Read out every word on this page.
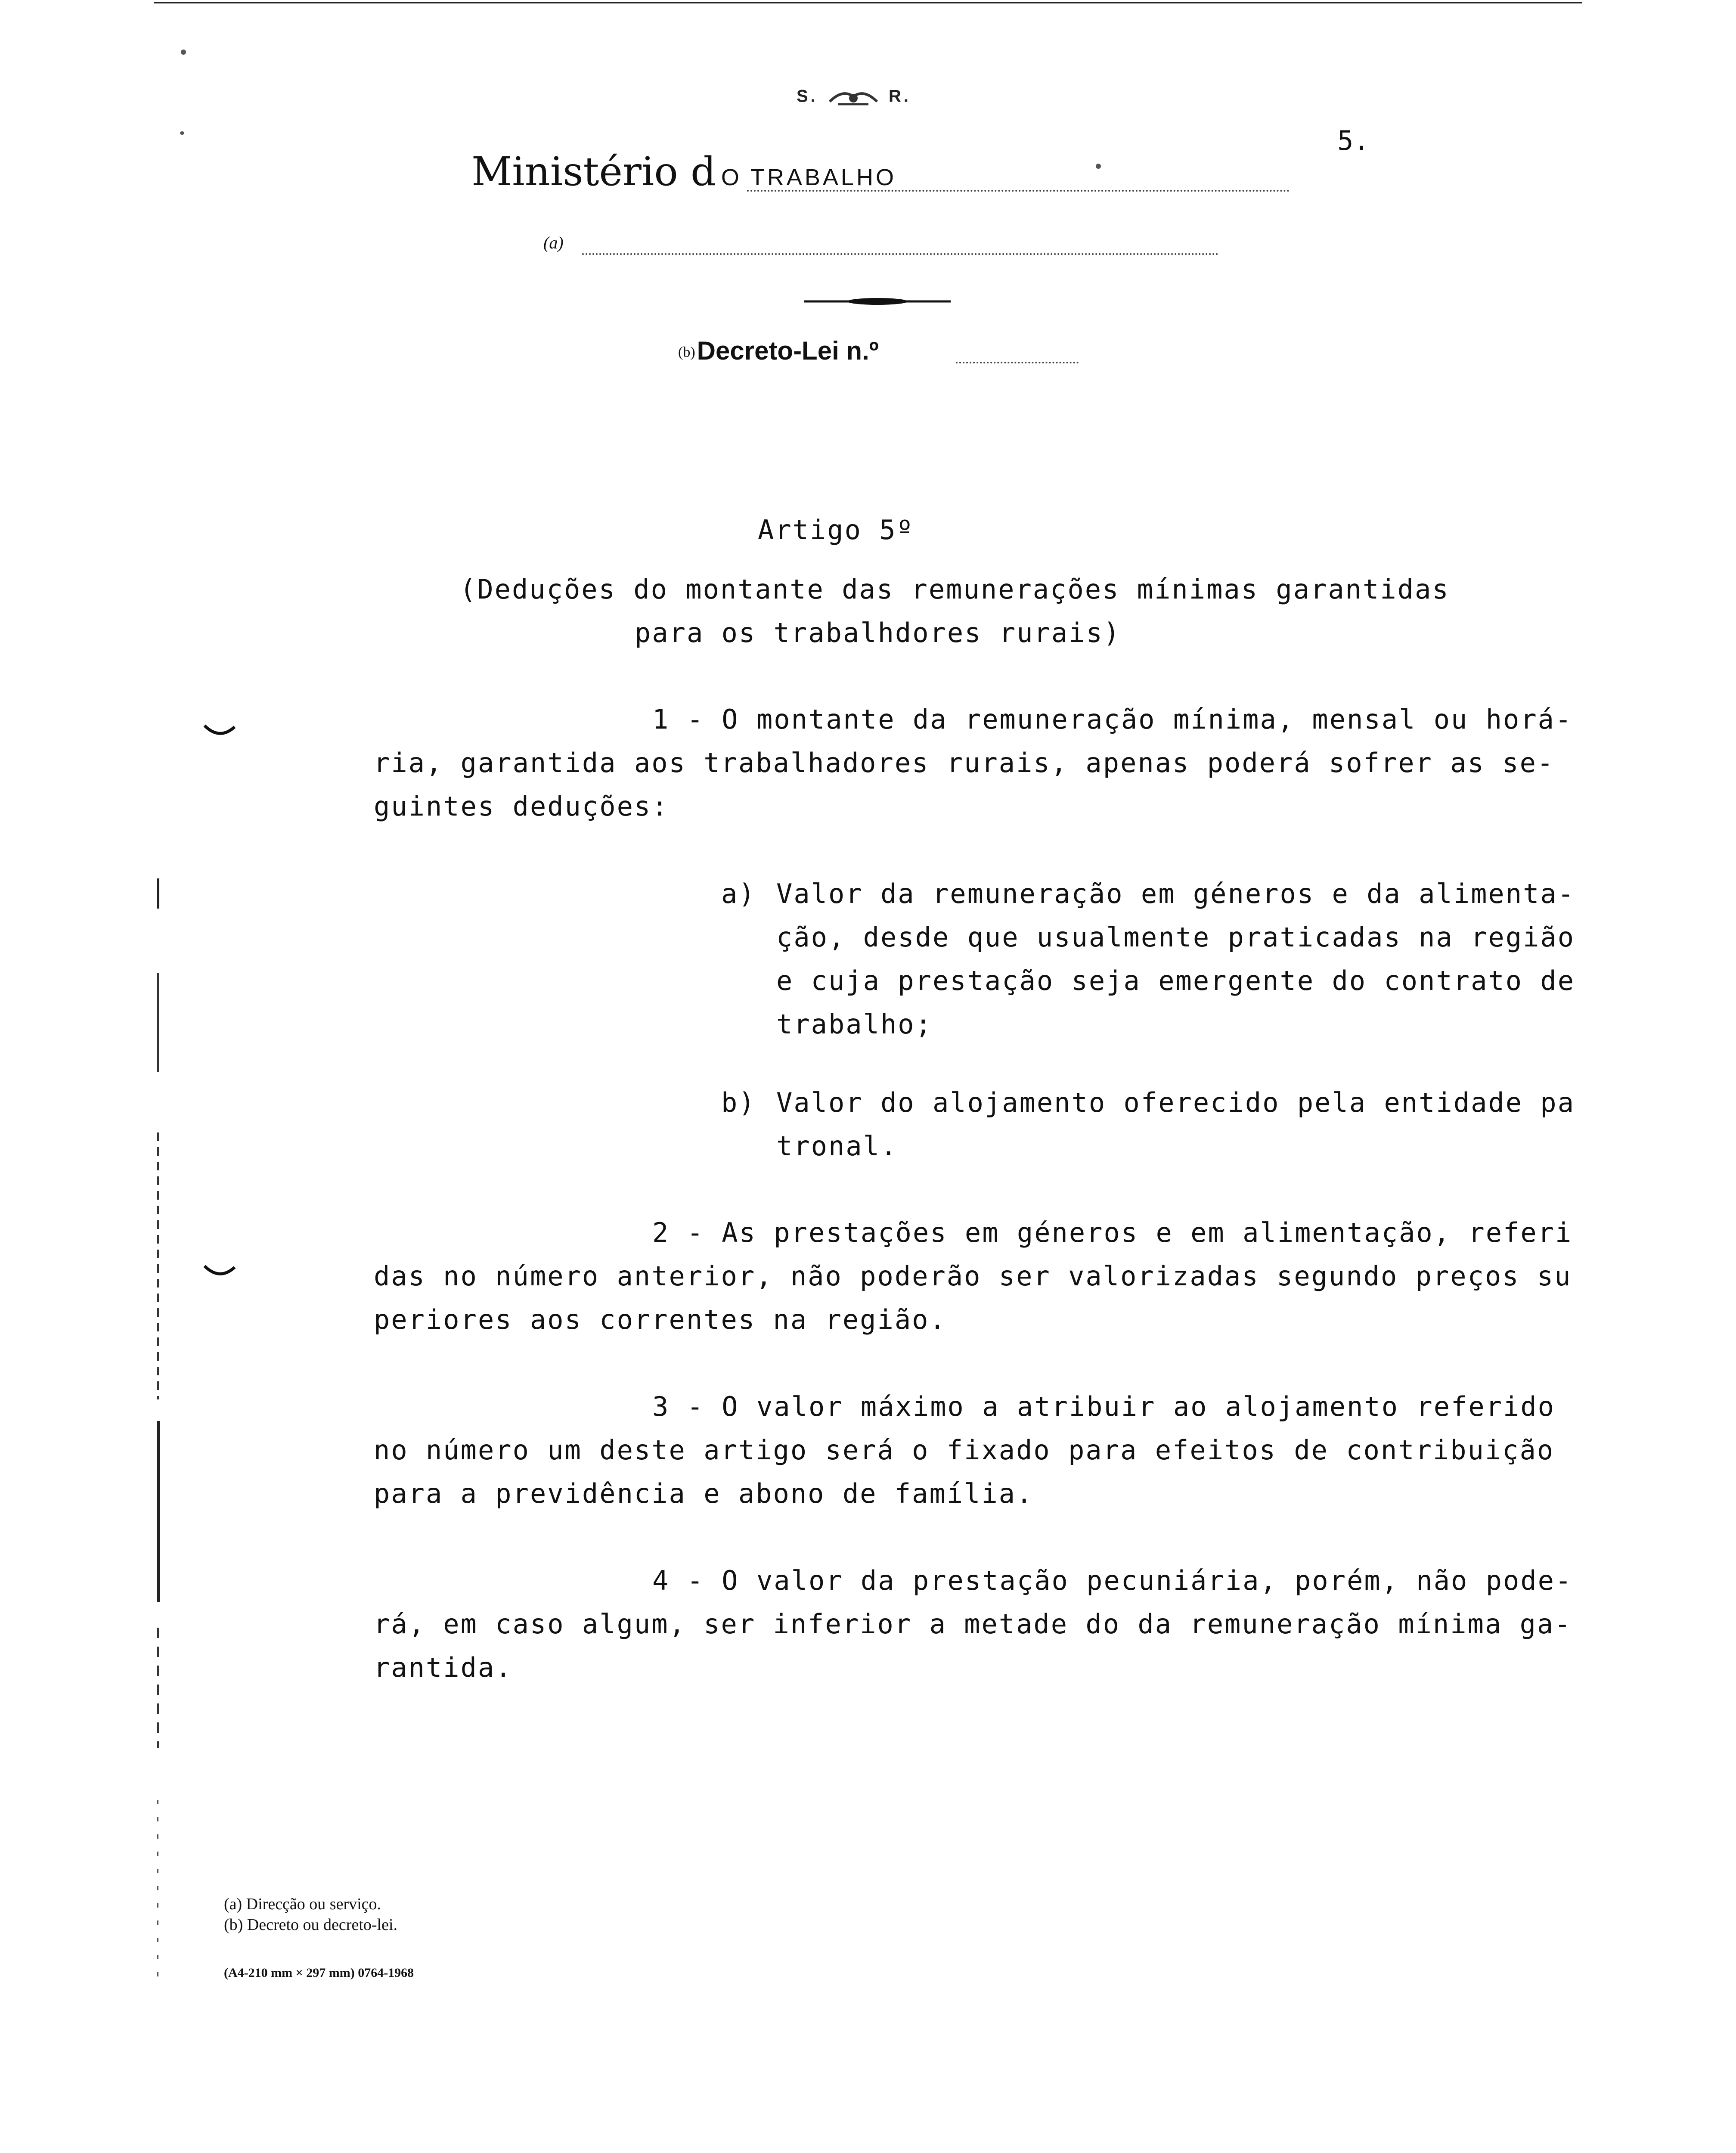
S.	R.
5.
Ministério d O TRABALHO
(a)
(b) Decreto-Lei n.º
Artigo 5º
(Deduções do montante das remunerações mínimas garantidas
para os trabalhdores rurais)
1 - O montante da remuneração mínima, mensal ou horá-
ria, garantida aos trabalhadores rurais, apenas poderá sofrer as se-
guintes deduções:
a) Valor da remuneração em géneros e da alimenta-
ção, desde que usualmente praticadas na região
e cuja prestação seja emergente do contrato de
trabalho;
b) Valor do alojamento oferecido pela entidade pa
tronal.
2 - As prestações em géneros e em alimentação, referi
das no número anterior, não poderão ser valorizadas segundo preços su
periores aos correntes na região.
3 - O valor máximo a atribuir ao alojamento referido
no número um deste artigo será o fixado para efeitos de contribuição
para a previdência e abono de família.
4 - O valor da prestação pecuniária, porém, não pode-
rá, em caso algum, ser inferior a metade do da remuneração mínima ga-
rantida.
(a) Direcção ou serviço.
(b) Decreto ou decreto-lei.
(A4-210 mm × 297 mm) 0764-1968
